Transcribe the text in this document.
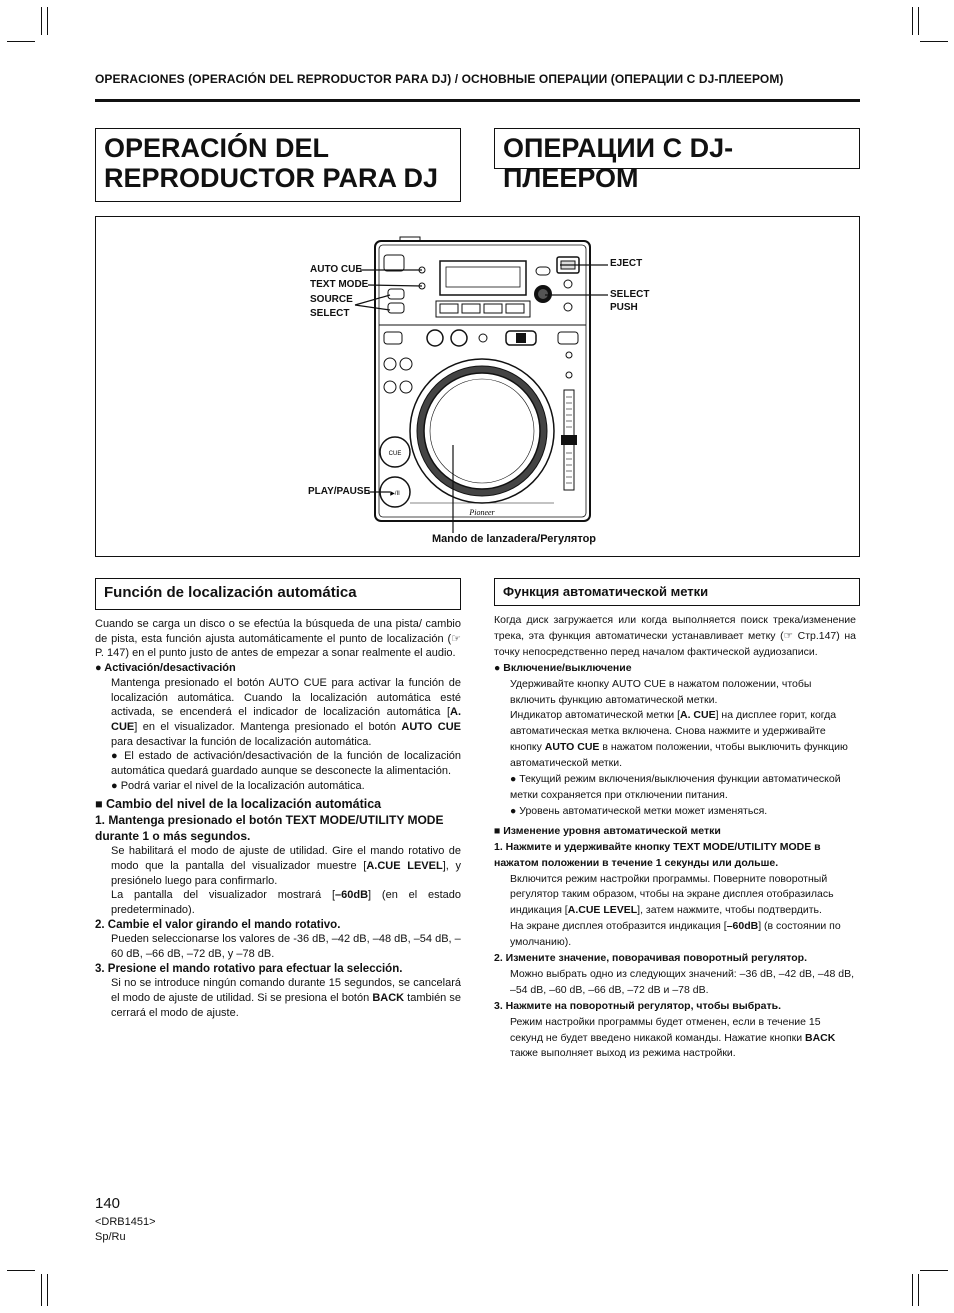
OPERACIONES (OPERACIÓN DEL REPRODUCTOR PARA DJ) / ОСНОВНЫЕ ОПЕРАЦИИ (ОПЕРАЦИИ С DJ-ПЛЕЕРОМ)
OPERACIÓN DEL
REPRODUCTOR PARA DJ
ОПЕРАЦИИ С DJ-ПЛЕЕРОМ
CUE
▶/II
Pioneer
AUTO CUE
TEXT MODE
SOURCE
SELECT
EJECT
SELECT
PUSH
PLAY/PAUSE
Mando de lanzadera/Регулятор
Función de localización automática	Функция автоматической метки

Cuando se carga un disco o se efectúa la búsqueda de una pista/ cambio de pista, esta función ajusta automáticamente el punto de localización (☞P. 147) en el punto justo de antes de empezar a sonar realmente el audio.

● Activación/desactivación

Mantenga presionado el botón AUTO CUE para activar la función de localización automática. Cuando la localización automática esté activada, se encenderá el indicador de localización automática [A. CUE] en el visualizador. Mantenga presionado el botón AUTO CUE para desactivar la función de localización automática.

● El estado de activación/desactivación de la función de localización automática quedará guardado aunque se desconecte la alimentación.

● Podrá variar el nivel de la localización automática.

■ Cambio del nivel de la localización automática

1. Mantenga presionado el botón TEXT MODE/UTILITY MODE durante 1 o más segundos.

Se habilitará el modo de ajuste de utilidad. Gire el mando rotativo de modo que la pantalla del visualizador muestre [A.CUE LEVEL], y presiónelo luego para confirmarlo.

La pantalla del visualizador mostrará [–60dB] (en el estado predeterminado).

2. Cambie el valor girando el mando rotativo.

Pueden seleccionarse los valores de -36 dB, –42 dB, –48 dB, –54 dB, –60 dB, –66 dB, –72 dB, y –78 dB.

3. Presione el mando rotativo para efectuar la selección.

Si no se introduce ningún comando durante 15 segundos, se cancelará el modo de ajuste de utilidad. Si se presiona el botón BACK también se cerrará el modo de ajuste.

Когда диск загружается или когда выполняется поиск трека/изменение трека, эта функция автоматически устанавливает метку (☞ Стр.147) на точку непосредственно перед началом фактической аудиозаписи.

● Включение/выключение

Удерживайте кнопку AUTO CUE в нажатом положении, чтобы включить функцию автоматической метки.

Индикатор автоматической метки [A. CUE] на дисплее горит, когда автоматическая метка включена. Снова нажмите и удерживайте кнопку AUTO CUE в нажатом положении, чтобы выключить функцию автоматической метки.

● Текущий режим включения/выключения функции автоматической метки сохраняется при отключении питания.

● Уровень автоматической метки может изменяться.

■ Изменение уровня автоматической метки

1. Нажмите и удерживайте кнопку TEXT MODE/UTILITY MODE в нажатом положении в течение 1 секунды или дольше.

Включится режим настройки программы. Поверните поворотный регулятор таким образом, чтобы на экране дисплея отобразилась индикация [A.CUE LEVEL], затем нажмите, чтобы подтвердить.

На экране дисплея отобразится индикация [–60dB] (в состоянии по умолчанию).

2. Измените значение, поворачивая поворотный регулятор.

Можно выбрать одно из следующих значений: –36 dB, –42 dB, –48 dB, –54 dB, –60 dB, –66 dB, –72 dB и –78 dB.

3. Нажмите на поворотный регулятор, чтобы выбрать.

Режим настройки программы будет отменен, если в течение 15 секунд не будет введено никакой команды. Нажатие кнопки BACK также выполняет выход из режима настройки.

140
<DRB1451>
Sp/Ru
